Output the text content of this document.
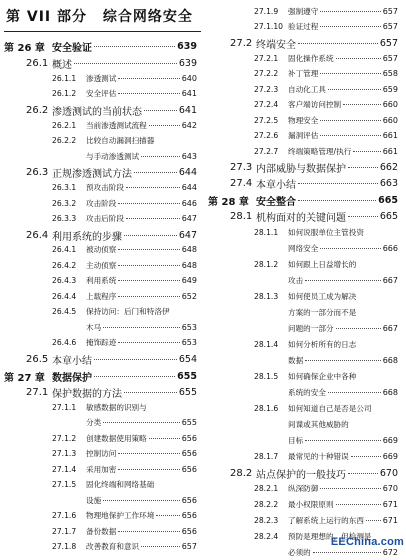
第 VII 部分 综合网络安全
第 26 章 安全验证	639
26.1 概述	639
26.1.1	渗透测试	640
26.1.2	安全评估	641
26.2 渗透测试的当前状态	641
26.2.1	当前渗透测试流程	642
26.2.2	比较自动漏洞扫描器
与手动渗透测试	643
26.3 正规渗透测试方法	644
26.3.1	预攻击阶段	644
26.3.2	攻击阶段	646
26.3.3	攻击后阶段	647
26.4 利用系统的步骤	647
26.4.1	被动侦察	648
26.4.2	主动侦察	648
26.4.3	利用系统	649
26.4.4	上载程序	652
26.4.5	保持访问：后门和特洛伊
木马	653
26.4.6	掩饰踪迹	653
26.5 本章小结	654
第 27 章 数据保护	655
27.1 保护数据的方法	655
27.1.1	敏感数据的识别与
分类	655
27.1.2	创建数据使用策略	656
27.1.3	控制访问	656
27.1.4	采用加密	656
27.1.5	固化终端和网络基础
设施	656
27.1.6	物理地保护工作环境	656
27.1.7	备份数据	656
27.1.8	改善教育和意识	657
27.1.9	强制遵守	657
27.1.10 验证过程	657
27.2 终端安全	657
27.2.1	固化操作系统	657
27.2.2	补丁管理	658
27.2.3	自动化工具	659
27.2.4	客户端访问控制	660
27.2.5	物理安全	660
27.2.6	漏洞评估	661
27.2.7	终端策略管理/执行	661
27.3 内部威胁与数据保护	662
27.4 本章小结	663
第 28 章 安全整合	665
28.1 机构面对的关键问题	665
28.1.1	如何说服单位主管投资
网络安全	666
28.1.2	如何跟上日益增长的
攻击	667
28.1.3	如何使员工成为解决
方案的一部分而不是
问题的一部分	667
28.1.4	如何分析所有的日志
数据	668
28.1.5	如何确保企业中各种
系统的安全	668
28.1.6	如何知道自己是否是公司
间谍或其他威胁的
目标	669
28.1.7	最常见的十种错误	669
28.2 站点保护的一般技巧	670
28.2.1	纵深防御	670
28.2.2	最小权限原则	671
28.2.3	了解系统上运行的东西 671
28.2.4	预防是理想的，但检测是
必须的	672
EEChina.com
